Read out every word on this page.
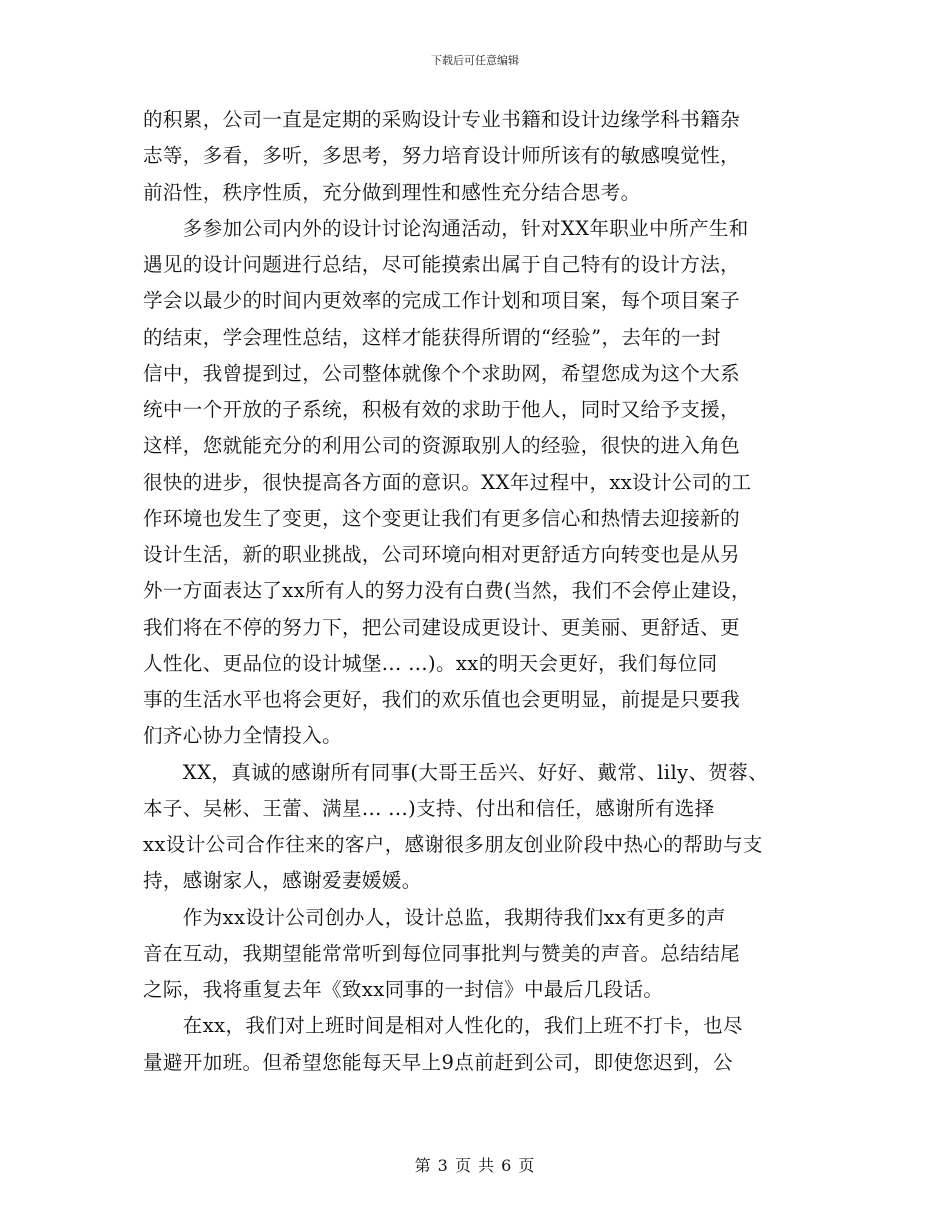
下载后可任意编辑
的积累，公司一直是定期的采购设计专业书籍和设计边缘学科书籍杂
志等，多看，多听，多思考，努力培育设计师所该有的敏感嗅觉性，
前沿性，秩序性质，充分做到理性和感性充分结合思考。
　　多参加公司内外的设计讨论沟通活动，针对XX年职业中所产生和
遇见的设计问题进行总结，尽可能摸索出属于自己特有的设计方法，
学会以最少的时间内更效率的完成工作计划和项目案，每个项目案子
的结束，学会理性总结，这样才能获得所谓的“经验”，去年的一封
信中，我曾提到过，公司整体就像个个求助网，希望您成为这个大系
统中一个开放的子系统，积极有效的求助于他人，同时又给予支援，
这样，您就能充分的利用公司的资源取别人的经验，很快的进入角色
很快的进步，很快提高各方面的意识。XX年过程中，xx设计公司的工
作环境也发生了变更，这个变更让我们有更多信心和热情去迎接新的
设计生活，新的职业挑战，公司环境向相对更舒适方向转变也是从另
外一方面表达了xx所有人的努力没有白费(当然，我们不会停止建设，
我们将在不停的努力下，把公司建设成更设计、更美丽、更舒适、更
人性化、更品位的设计城堡... ...)。xx的明天会更好，我们每位同
事的生活水平也将会更好，我们的欢乐值也会更明显，前提是只要我
们齐心协力全情投入。
　　XX，真诚的感谢所有同事(大哥王岳兴、好好、戴常、lily、贺蓉、
本子、吴彬、王蕾、满星... ...)支持、付出和信任，感谢所有选择
xx设计公司合作往来的客户，感谢很多朋友创业阶段中热心的帮助与支
持，感谢家人，感谢爱妻媛媛。
　　作为xx设计公司创办人，设计总监，我期待我们xx有更多的声
音在互动，我期望能常常听到每位同事批判与赞美的声音。总结结尾
之际，我将重复去年《致xx同事的一封信》中最后几段话。
　　在xx，我们对上班时间是相对人性化的，我们上班不打卡，也尽
量避开加班。但希望您能每天早上9点前赶到公司，即使您迟到，公
第 3 页 共 6 页
